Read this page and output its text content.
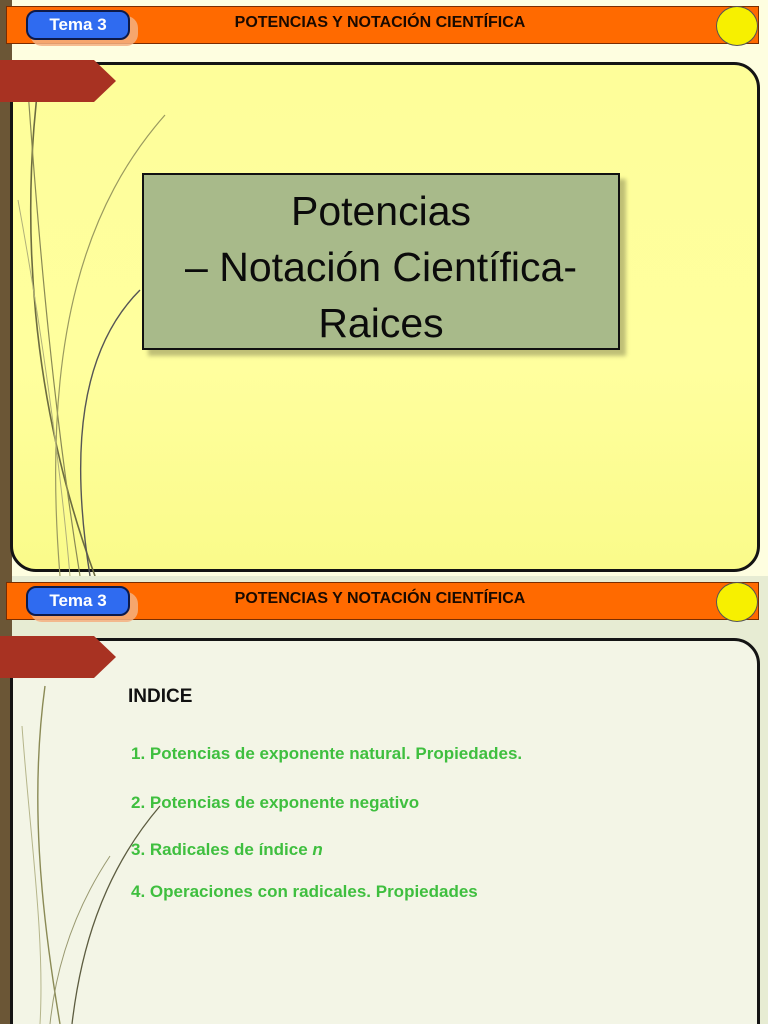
Tema 3	POTENCIAS Y NOTACIÓN CIENTÍFICA
Potencias
– Notación Científica-
Raices
Tema 3	POTENCIAS Y NOTACIÓN CIENTÍFICA
INDICE
1. Potencias de exponente natural. Propiedades.
2. Potencias de exponente negativo
3. Radicales de índice n
4. Operaciones con radicales. Propiedades
